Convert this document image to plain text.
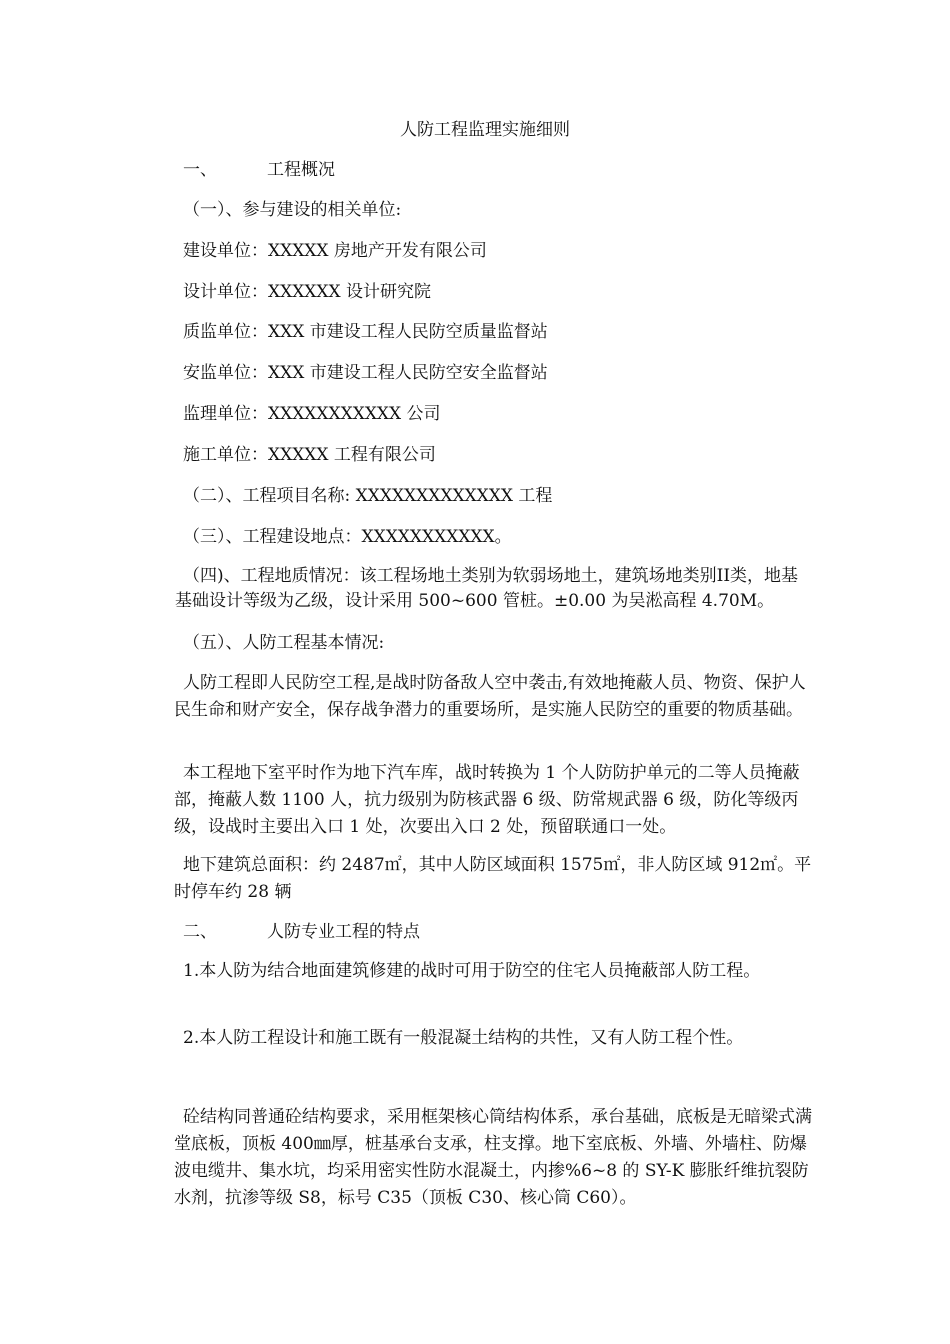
人防工程监理实施细则
一、	工程概况
（一）、参与建设的相关单位:
建设单位：XXXXX 房地产开发有限公司
设计单位：XXXXXX 设计研究院
质监单位：XXX 市建设工程人民防空质量监督站
安监单位：XXX 市建设工程人民防空安全监督站
监理单位：XXXXXXXXXXX 公司
施工单位：XXXXX 工程有限公司
（二）、工程项目名称: XXXXXXXXXXXXX 工程
（三）、工程建设地点：XXXXXXXXXXX。
（四)、工程地质情况：该工程场地土类别为软弱场地土，建筑场地类别II类，地基基础设计等级为乙级，设计采用 500~600 管桩。±0.00 为吴淞高程 4.70M。
（五）、人防工程基本情况:
人防工程即人民防空工程,是战时防备敌人空中袭击,有效地掩蔽人员、物资、保护人民生命和财产安全，保存战争潜力的重要场所，是实施人民防空的重要的物质基础。
本工程地下室平时作为地下汽车库，战时转换为 1 个人防防护单元的二等人员掩蔽部，掩蔽人数 1100 人，抗力级别为防核武器 6 级、防常规武器 6 级，防化等级丙级，设战时主要出入口 1 处，次要出入口 2 处，预留联通口一处。
地下建筑总面积：约 2487㎡，其中人防区域面积 1575㎡，非人防区域 912㎡。平时停车约 28 辆
二、	人防专业工程的特点
1.本人防为结合地面建筑修建的战时可用于防空的住宅人员掩蔽部人防工程。
2.本人防工程设计和施工既有一般混凝土结构的共性，又有人防工程个性。
砼结构同普通砼结构要求，采用框架核心筒结构体系，承台基础，底板是无暗梁式满堂底板，顶板 400㎜厚，桩基承台支承，柱支撑。地下室底板、外墙、外墙柱、防爆波电缆井、集水坑，均采用密实性防水混凝土，内掺%6~8 的 SY-K 膨胀纤维抗裂防水剂，抗渗等级 S8，标号 C35（顶板 C30、核心筒 C60）。
